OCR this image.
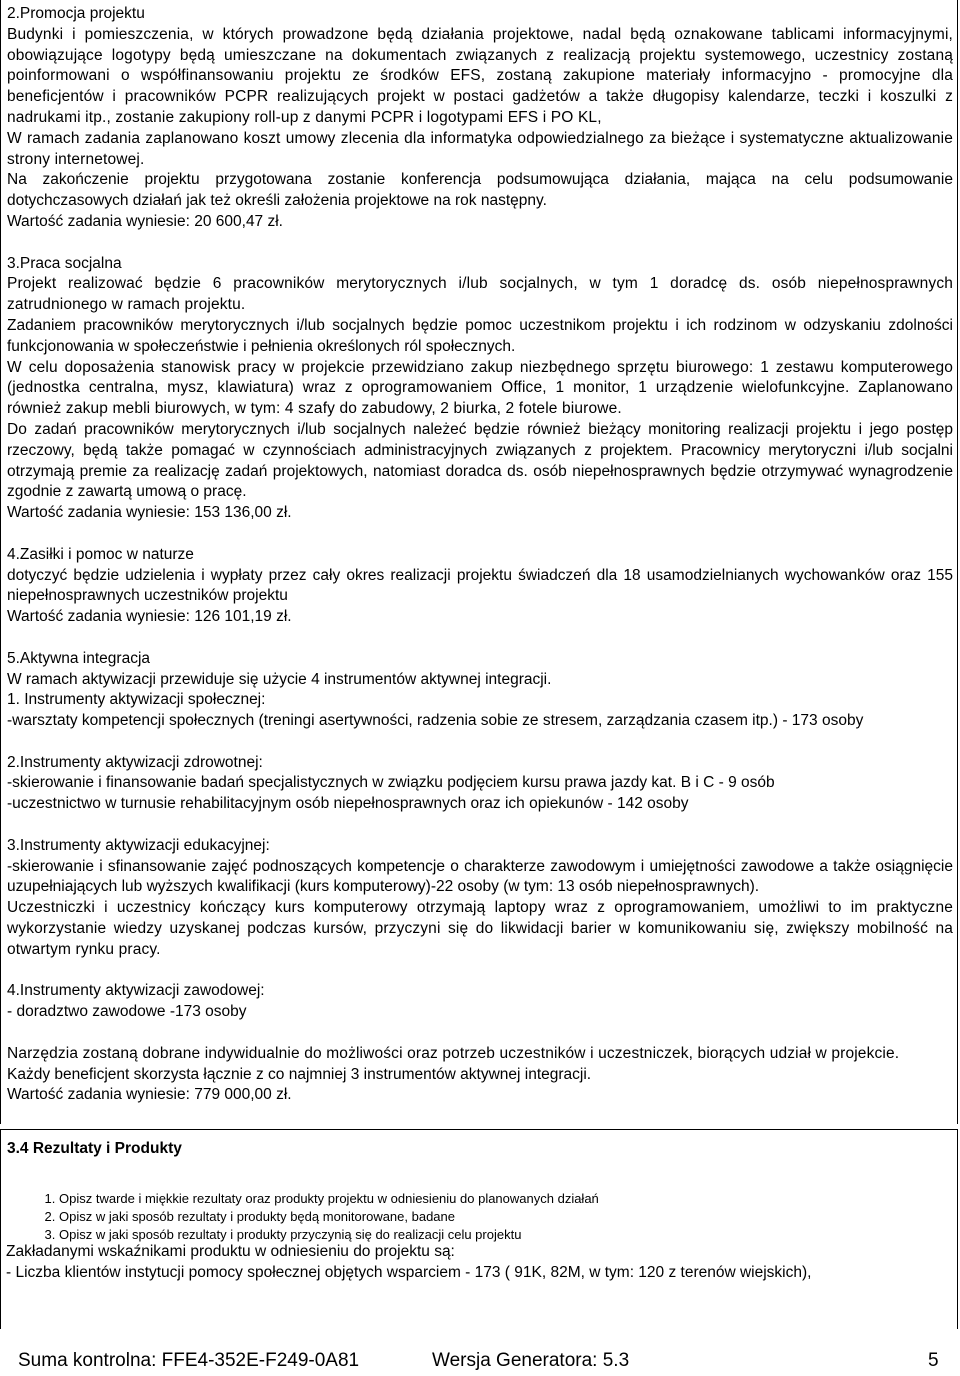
2.Promocja projektu

Budynki i pomieszczenia, w których prowadzone będą działania projektowe, nadal będą oznakowane tablicami informacyjnymi, obowiązujące logotypy będą umieszczane na dokumentach związanych z realizacją projektu systemowego, uczestnicy zostaną poinformowani o współfinansowaniu projektu ze środków EFS, zostaną zakupione materiały informacyjno - promocyjne dla beneficjentów i pracowników PCPR realizujących projekt w postaci gadżetów a także długopisy kalendarze, teczki i koszulki z nadrukami itp., zostanie zakupiony roll-up z danymi PCPR i logotypami EFS i PO KL,

W ramach zadania zaplanowano koszt umowy zlecenia dla informatyka odpowiedzialnego za bieżące i systematyczne aktualizowanie strony internetowej.

Na zakończenie projektu przygotowana zostanie konferencja podsumowująca działania, mająca na celu podsumowanie dotychczasowych działań jak też określi założenia projektowe na rok następny.

Wartość zadania wyniesie: 20 600,47 zł.

3.Praca socjalna

Projekt realizować będzie 6 pracowników merytorycznych i/lub socjalnych, w tym 1 doradcę ds. osób niepełnosprawnych zatrudnionego w ramach projektu.

Zadaniem pracowników merytorycznych i/lub socjalnych będzie pomoc uczestnikom projektu i ich rodzinom w odzyskaniu zdolności funkcjonowania w społeczeństwie i pełnienia określonych ról społecznych.

W celu doposażenia stanowisk pracy w projekcie przewidziano zakup niezbędnego sprzętu biurowego: 1 zestawu komputerowego (jednostka centralna, mysz, klawiatura) wraz z oprogramowaniem Office, 1 monitor, 1 urządzenie wielofunkcyjne. Zaplanowano również zakup mebli biurowych, w tym: 4 szafy do zabudowy, 2 biurka, 2 fotele biurowe.

Do zadań pracowników merytorycznych i/lub socjalnych należeć będzie również bieżący monitoring realizacji projektu i jego postęp rzeczowy, będą także pomagać w czynnościach administracyjnych związanych z projektem. Pracownicy merytoryczni i/lub socjalni otrzymają premie za realizację zadań projektowych, natomiast doradca ds. osób niepełnosprawnych będzie otrzymywać wynagrodzenie zgodnie z zawartą umową o pracę.

Wartość zadania wyniesie: 153 136,00 zł.

4.Zasiłki i pomoc w naturze

dotyczyć będzie udzielenia i wypłaty przez cały okres realizacji projektu świadczeń dla 18 usamodzielnianych wychowanków oraz 155 niepełnosprawnych uczestników projektu

Wartość zadania wyniesie: 126 101,19 zł.

5.Aktywna integracja

W ramach aktywizacji przewiduje się użycie 4 instrumentów aktywnej integracji.

1. Instrumenty aktywizacji społecznej:

-warsztaty kompetencji społecznych (treningi asertywności, radzenia sobie ze stresem, zarządzania czasem itp.) - 173 osoby

2.Instrumenty aktywizacji zdrowotnej:

-skierowanie i finansowanie badań specjalistycznych w związku podjęciem kursu prawa jazdy kat. B i C - 9 osób

-uczestnictwo w turnusie rehabilitacyjnym osób niepełnosprawnych oraz ich opiekunów - 142 osoby

3.Instrumenty aktywizacji edukacyjnej:

-skierowanie i sfinansowanie zajęć podnoszących kompetencje o charakterze zawodowym i umiejętności zawodowe a także osiągnięcie uzupełniających lub wyższych kwalifikacji (kurs komputerowy)-22 osoby (w tym: 13 osób niepełnosprawnych).

Uczestniczki i uczestnicy kończący kurs komputerowy otrzymają laptopy wraz z oprogramowaniem, umożliwi to im praktyczne wykorzystanie wiedzy uzyskanej podczas kursów, przyczyni się do likwidacji barier w komunikowaniu się, zwiększy mobilność na otwartym rynku pracy.

4.Instrumenty aktywizacji zawodowej:

- doradztwo zawodowe -173 osoby

Narzędzia zostaną dobrane indywidualnie do możliwości oraz potrzeb uczestników i uczestniczek, biorących udział w projekcie.

Każdy beneficjent skorzysta łącznie z co najmniej 3 instrumentów aktywnej integracji.

Wartość zadania wyniesie: 779 000,00 zł.

3.4 Rezultaty i Produkty
1. Opisz twarde i miękkie rezultaty oraz produkty projektu w odniesieniu do planowanych działań
2. Opisz w jaki sposób rezultaty i produkty będą monitorowane, badane
3. Opisz w jaki sposób rezultaty i produkty przyczynią się do realizacji celu projektu

Zakładanymi wskaźnikami produktu w odniesieniu do projektu są:

- Liczba klientów instytucji pomocy społecznej objętych wsparciem - 173 ( 91K, 82M, w tym: 120 z terenów wiejskich),

Suma kontrolna: FFE4-352E-F249-0A81	Wersja Generatora: 5.3	5
